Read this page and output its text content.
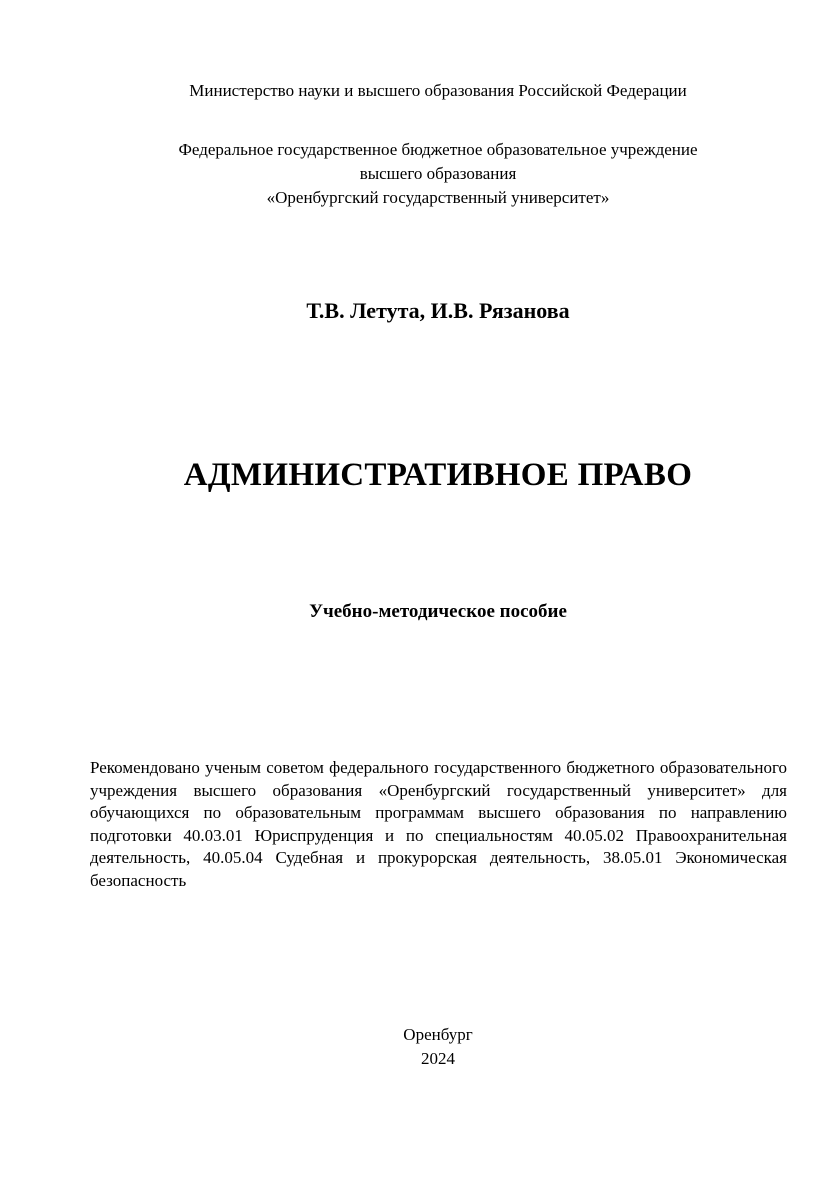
Министерство науки и высшего образования Российской Федерации
Федеральное государственное бюджетное образовательное учреждение
высшего образования
«Оренбургский государственный университет»
Т.В. Летута, И.В. Рязанова
АДМИНИСТРАТИВНОЕ ПРАВО
Учебно-методическое пособие
Рекомендовано ученым советом федерального государственного бюджетного образовательного учреждения высшего образования «Оренбургский государственный университет» для обучающихся по образовательным программам высшего образования по направлению подготовки 40.03.01 Юриспруденция и по специальностям 40.05.02 Правоохранительная деятельность, 40.05.04 Судебная и прокурорская деятельность, 38.05.01 Экономическая безопасность
Оренбург
2024
